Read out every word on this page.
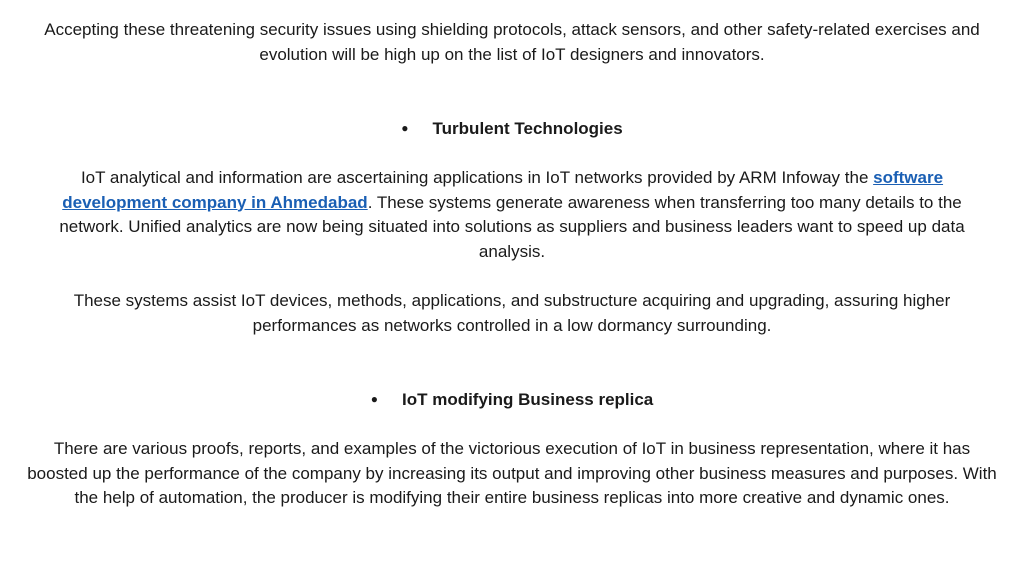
Accepting these threatening security issues using shielding protocols, attack sensors, and other safety-related exercises and evolution will be high up on the list of IoT designers and innovators.

● Turbulent Technologies

IoT analytical and information are ascertaining applications in IoT networks provided by ARM Infoway the software development company in Ahmedabad. These systems generate awareness when transferring too many details to the network. Unified analytics are now being situated into solutions as suppliers and business leaders want to speed up data analysis.

These systems assist IoT devices, methods, applications, and substructure acquiring and upgrading, assuring higher performances as networks controlled in a low dormancy surrounding.

● IoT modifying Business replica

There are various proofs, reports, and examples of the victorious execution of IoT in business representation, where it has boosted up the performance of the company by increasing its output and improving other business measures and purposes. With the help of automation, the producer is modifying their entire business replicas into more creative and dynamic ones.
